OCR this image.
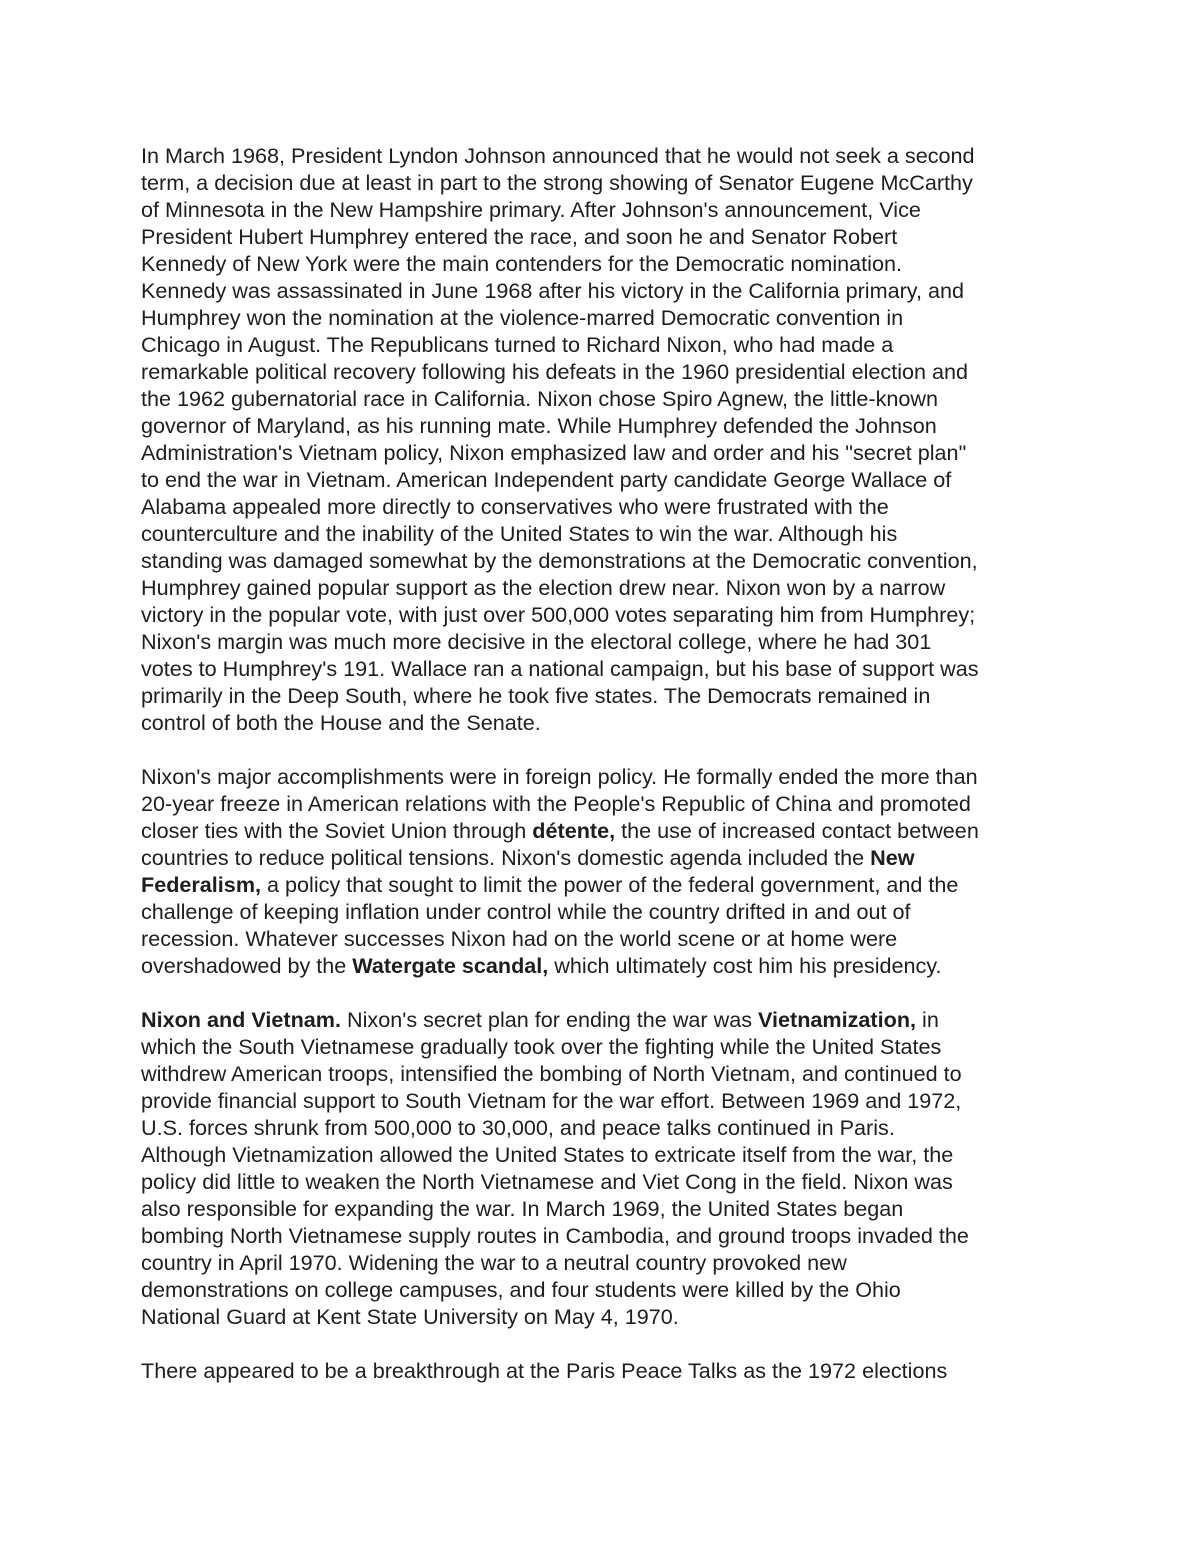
In March 1968, President Lyndon Johnson announced that he would not seek a second
term, a decision due at least in part to the strong showing of Senator Eugene McCarthy
of Minnesota in the New Hampshire primary. After Johnson's announcement, Vice
President Hubert Humphrey entered the race, and soon he and Senator Robert
Kennedy of New York were the main contenders for the Democratic nomination.
Kennedy was assassinated in June 1968 after his victory in the California primary, and
Humphrey won the nomination at the violence-marred Democratic convention in
Chicago in August. The Republicans turned to Richard Nixon, who had made a
remarkable political recovery following his defeats in the 1960 presidential election and
the 1962 gubernatorial race in California. Nixon chose Spiro Agnew, the little-known
governor of Maryland, as his running mate. While Humphrey defended the Johnson
Administration's Vietnam policy, Nixon emphasized law and order and his "secret plan"
to end the war in Vietnam. American Independent party candidate George Wallace of
Alabama appealed more directly to conservatives who were frustrated with the
counterculture and the inability of the United States to win the war. Although his
standing was damaged somewhat by the demonstrations at the Democratic convention,
Humphrey gained popular support as the election drew near. Nixon won by a narrow
victory in the popular vote, with just over 500,000 votes separating him from Humphrey;
Nixon's margin was much more decisive in the electoral college, where he had 301
votes to Humphrey's 191. Wallace ran a national campaign, but his base of support was
primarily in the Deep South, where he took five states. The Democrats remained in
control of both the House and the Senate.
Nixon's major accomplishments were in foreign policy. He formally ended the more than
20-year freeze in American relations with the People's Republic of China and promoted
closer ties with the Soviet Union through détente, the use of increased contact between
countries to reduce political tensions. Nixon's domestic agenda included the New
Federalism, a policy that sought to limit the power of the federal government, and the
challenge of keeping inflation under control while the country drifted in and out of
recession. Whatever successes Nixon had on the world scene or at home were
overshadowed by the Watergate scandal, which ultimately cost him his presidency.
Nixon and Vietnam. Nixon's secret plan for ending the war was Vietnamization, in
which the South Vietnamese gradually took over the fighting while the United States
withdrew American troops, intensified the bombing of North Vietnam, and continued to
provide financial support to South Vietnam for the war effort. Between 1969 and 1972,
U.S. forces shrunk from 500,000 to 30,000, and peace talks continued in Paris.
Although Vietnamization allowed the United States to extricate itself from the war, the
policy did little to weaken the North Vietnamese and Viet Cong in the field. Nixon was
also responsible for expanding the war. In March 1969, the United States began
bombing North Vietnamese supply routes in Cambodia, and ground troops invaded the
country in April 1970. Widening the war to a neutral country provoked new
demonstrations on college campuses, and four students were killed by the Ohio
National Guard at Kent State University on May 4, 1970.
There appeared to be a breakthrough at the Paris Peace Talks as the 1972 elections
